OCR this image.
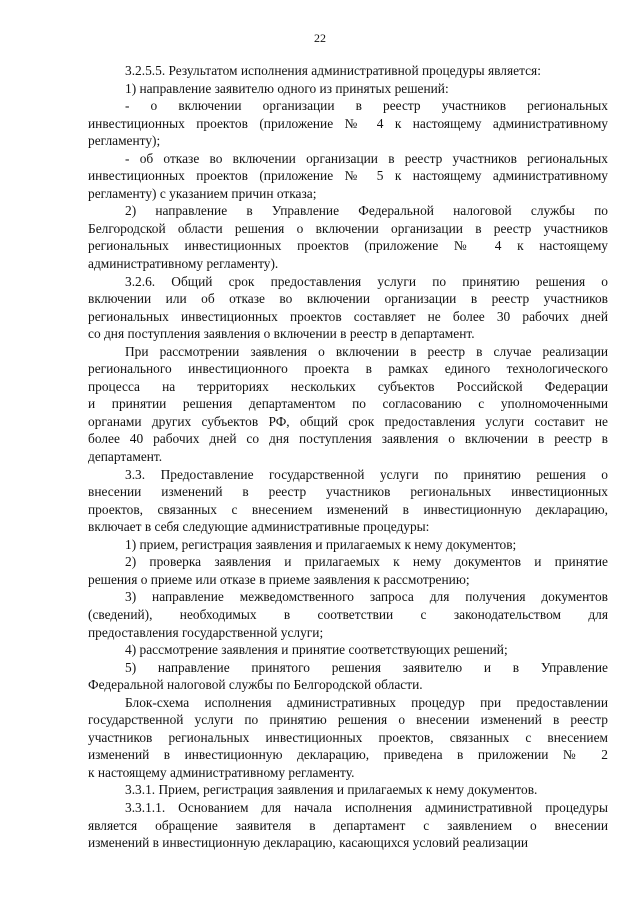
22
3.2.5.5. Результатом исполнения административной процедуры является:
1) направление заявителю одного из принятых решений:
- о включении организации в реестр участников региональных
инвестиционных проектов (приложение № 4 к настоящему административному
регламенту);
- об отказе во включении организации в реестр участников региональных
инвестиционных проектов (приложение № 5 к настоящему административному
регламенту) с указанием причин отказа;
2) направление в Управление Федеральной налоговой службы по
Белгородской области решения о включении организации в реестр участников
региональных инвестиционных проектов (приложение № 4 к настоящему
административному регламенту).
3.2.6. Общий срок предоставления услуги по принятию решения о
включении или об отказе во включении организации в реестр участников
региональных инвестиционных проектов составляет не более 30 рабочих дней
со дня поступления заявления о включении в реестр в департамент.
При рассмотрении заявления о включении в реестр в случае реализации
регионального инвестиционного проекта в рамках единого технологического
процесса на территориях нескольких субъектов Российской Федерации
и принятии решения департаментом по согласованию с уполномоченными
органами других субъектов РФ, общий срок предоставления услуги составит не
более 40 рабочих дней со дня поступления заявления о включении в реестр в
департамент.
3.3. Предоставление государственной услуги по принятию решения о
внесении изменений в реестр участников региональных инвестиционных
проектов, связанных с внесением изменений в инвестиционную декларацию,
включает в себя следующие административные процедуры:
1) прием, регистрация заявления и прилагаемых к нему документов;
2) проверка заявления и прилагаемых к нему документов и принятие
решения о приеме или отказе в приеме заявления к рассмотрению;
3) направление межведомственного запроса для получения документов
(сведений), необходимых в соответствии с законодательством для
предоставления государственной услуги;
4) рассмотрение заявления и принятие соответствующих решений;
5) направление принятого решения заявителю и в Управление
Федеральной налоговой службы по Белгородской области.
Блок-схема исполнения административных процедур при предоставлении
государственной услуги по принятию решения о внесении изменений в реестр
участников региональных инвестиционных проектов, связанных с внесением
изменений в инвестиционную декларацию, приведена в приложении № 2
к настоящему административному регламенту.
3.3.1. Прием, регистрация заявления и прилагаемых к нему документов.
3.3.1.1. Основанием для начала исполнения административной процедуры
является обращение заявителя в департамент с заявлением о внесении
изменений в инвестиционную декларацию, касающихся условий реализации
